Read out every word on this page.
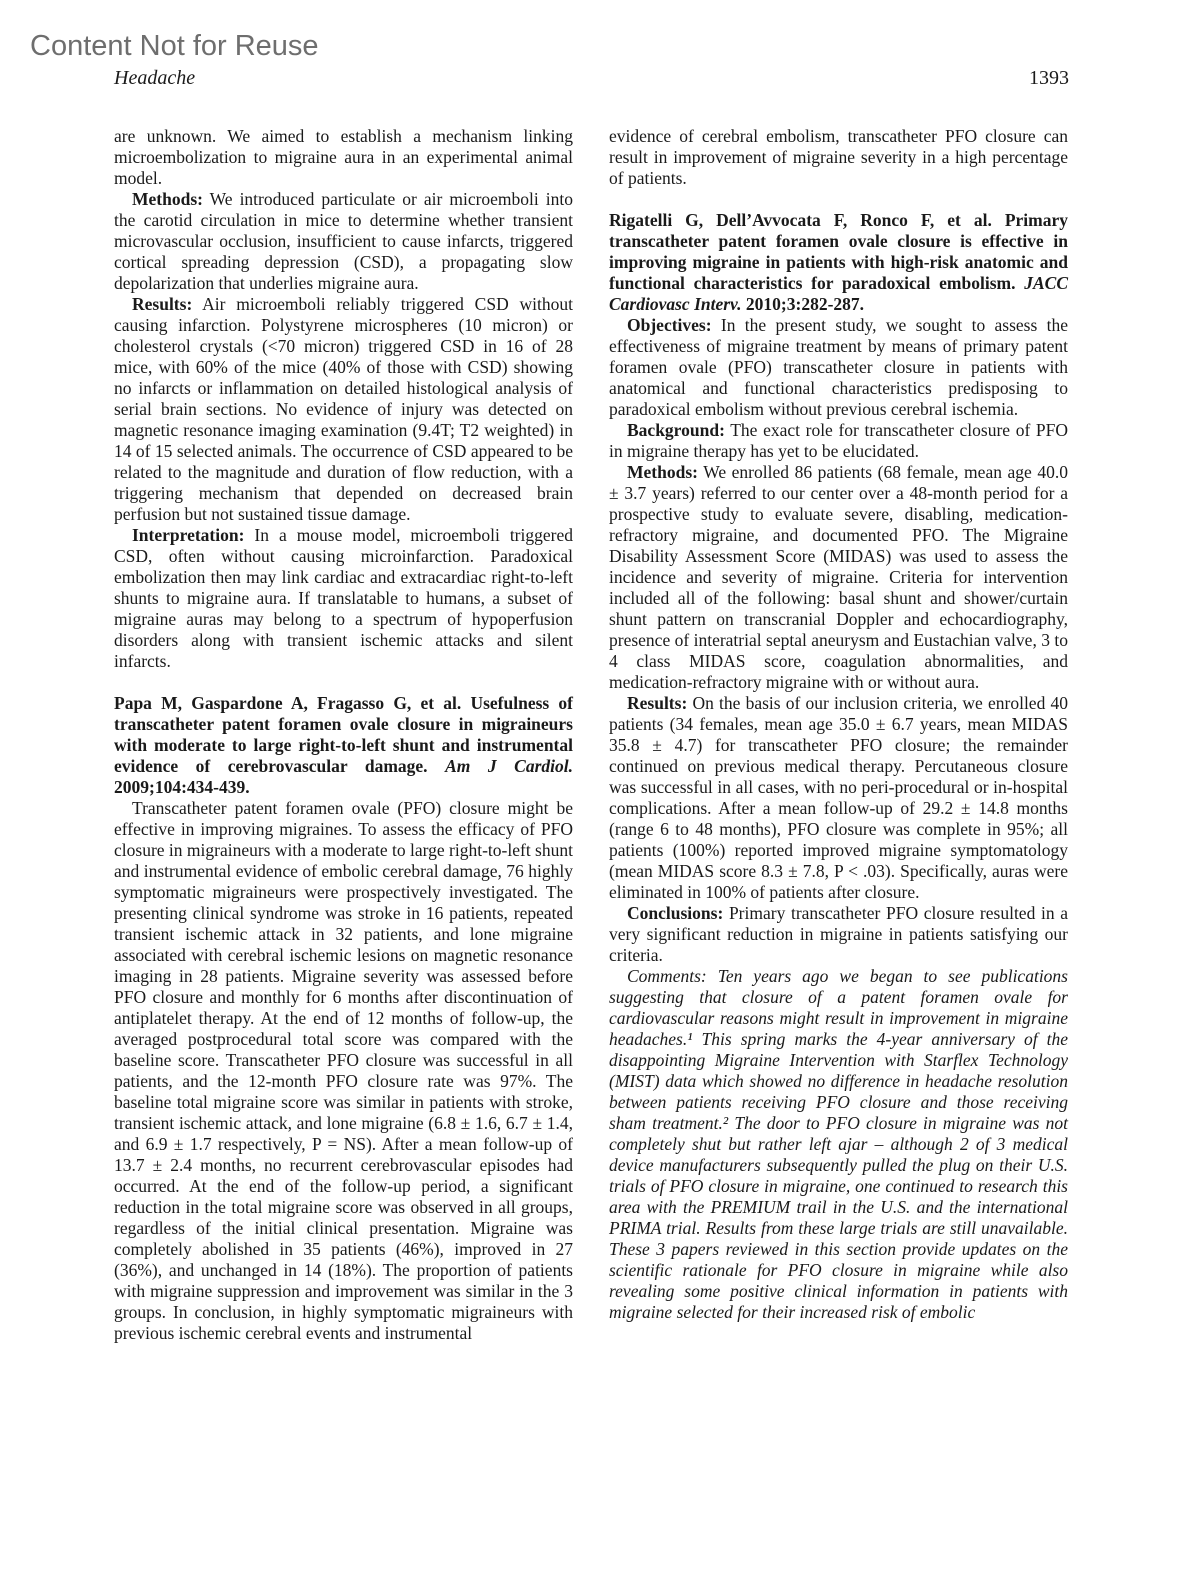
Content Not for Reuse
Headache	1393

are unknown. We aimed to establish a mechanism linking microembolization to migraine aura in an experimental animal model.

Methods: We introduced particulate or air microemboli into the carotid circulation in mice to determine whether transient microvascular occlusion, insufficient to cause infarcts, triggered cortical spreading depression (CSD), a propagating slow depolarization that underlies migraine aura.

Results: Air microemboli reliably triggered CSD without causing infarction. Polystyrene microspheres (10 micron) or cholesterol crystals (<70 micron) triggered CSD in 16 of 28 mice, with 60% of the mice (40% of those with CSD) showing no infarcts or inflammation on detailed histological analysis of serial brain sections. No evidence of injury was detected on magnetic resonance imaging examination (9.4T; T2 weighted) in 14 of 15 selected animals. The occurrence of CSD appeared to be related to the magnitude and duration of flow reduction, with a triggering mechanism that depended on decreased brain perfusion but not sustained tissue damage.

Interpretation: In a mouse model, microemboli triggered CSD, often without causing microinfarction. Paradoxical embolization then may link cardiac and extracardiac right-to-left shunts to migraine aura. If translatable to humans, a subset of migraine auras may belong to a spectrum of hypoperfusion disorders along with transient ischemic attacks and silent infarcts.

Papa M, Gaspardone A, Fragasso G, et al. Usefulness of transcatheter patent foramen ovale closure in migraineurs with moderate to large right-to-left shunt and instrumental evidence of cerebrovascular damage. Am J Cardiol. 2009;104:434-439.

Transcatheter patent foramen ovale (PFO) closure might be effective in improving migraines. To assess the efficacy of PFO closure in migraineurs with a moderate to large right-to-left shunt and instrumental evidence of embolic cerebral damage, 76 highly symptomatic migraineurs were prospectively investigated. The presenting clinical syndrome was stroke in 16 patients, repeated transient ischemic attack in 32 patients, and lone migraine associated with cerebral ischemic lesions on magnetic resonance imaging in 28 patients. Migraine severity was assessed before PFO closure and monthly for 6 months after discontinuation of antiplatelet therapy. At the end of 12 months of follow-up, the averaged postprocedural total score was compared with the baseline score. Transcatheter PFO closure was successful in all patients, and the 12-month PFO closure rate was 97%. The baseline total migraine score was similar in patients with stroke, transient ischemic attack, and lone migraine (6.8 ± 1.6, 6.7 ± 1.4, and 6.9 ± 1.7 respectively, P = NS). After a mean follow-up of 13.7 ± 2.4 months, no recurrent cerebrovascular episodes had occurred. At the end of the follow-up period, a significant reduction in the total migraine score was observed in all groups, regardless of the initial clinical presentation. Migraine was completely abolished in 35 patients (46%), improved in 27 (36%), and unchanged in 14 (18%). The proportion of patients with migraine suppression and improvement was similar in the 3 groups. In conclusion, in highly symptomatic migraineurs with previous ischemic cerebral events and instrumental

evidence of cerebral embolism, transcatheter PFO closure can result in improvement of migraine severity in a high percentage of patients.

Rigatelli G, Dell’Avvocata F, Ronco F, et al. Primary transcatheter patent foramen ovale closure is effective in improving migraine in patients with high-risk anatomic and functional characteristics for paradoxical embolism. JACC Cardiovasc Interv. 2010;3:282-287.

Objectives: In the present study, we sought to assess the effectiveness of migraine treatment by means of primary patent foramen ovale (PFO) transcatheter closure in patients with anatomical and functional characteristics predisposing to paradoxical embolism without previous cerebral ischemia.

Background: The exact role for transcatheter closure of PFO in migraine therapy has yet to be elucidated.

Methods: We enrolled 86 patients (68 female, mean age 40.0 ± 3.7 years) referred to our center over a 48-month period for a prospective study to evaluate severe, disabling, medication-refractory migraine, and documented PFO. The Migraine Disability Assessment Score (MIDAS) was used to assess the incidence and severity of migraine. Criteria for intervention included all of the following: basal shunt and shower/curtain shunt pattern on transcranial Doppler and echocardiography, presence of interatrial septal aneurysm and Eustachian valve, 3 to 4 class MIDAS score, coagulation abnormalities, and medication-refractory migraine with or without aura.

Results: On the basis of our inclusion criteria, we enrolled 40 patients (34 females, mean age 35.0 ± 6.7 years, mean MIDAS 35.8 ± 4.7) for transcatheter PFO closure; the remainder continued on previous medical therapy. Percutaneous closure was successful in all cases, with no peri-procedural or in-hospital complications. After a mean follow-up of 29.2 ± 14.8 months (range 6 to 48 months), PFO closure was complete in 95%; all patients (100%) reported improved migraine symptomatology (mean MIDAS score 8.3 ± 7.8, P < .03). Specifically, auras were eliminated in 100% of patients after closure.

Conclusions: Primary transcatheter PFO closure resulted in a very significant reduction in migraine in patients satisfying our criteria.

Comments: Ten years ago we began to see publications suggesting that closure of a patent foramen ovale for cardiovascular reasons might result in improvement in migraine headaches.¹ This spring marks the 4-year anniversary of the disappointing Migraine Intervention with Starflex Technology (MIST) data which showed no difference in headache resolution between patients receiving PFO closure and those receiving sham treatment.² The door to PFO closure in migraine was not completely shut but rather left ajar – although 2 of 3 medical device manufacturers subsequently pulled the plug on their U.S. trials of PFO closure in migraine, one continued to research this area with the PREMIUM trail in the U.S. and the international PRIMA trial. Results from these large trials are still unavailable. These 3 papers reviewed in this section provide updates on the scientific rationale for PFO closure in migraine while also revealing some positive clinical information in patients with migraine selected for their increased risk of embolic
